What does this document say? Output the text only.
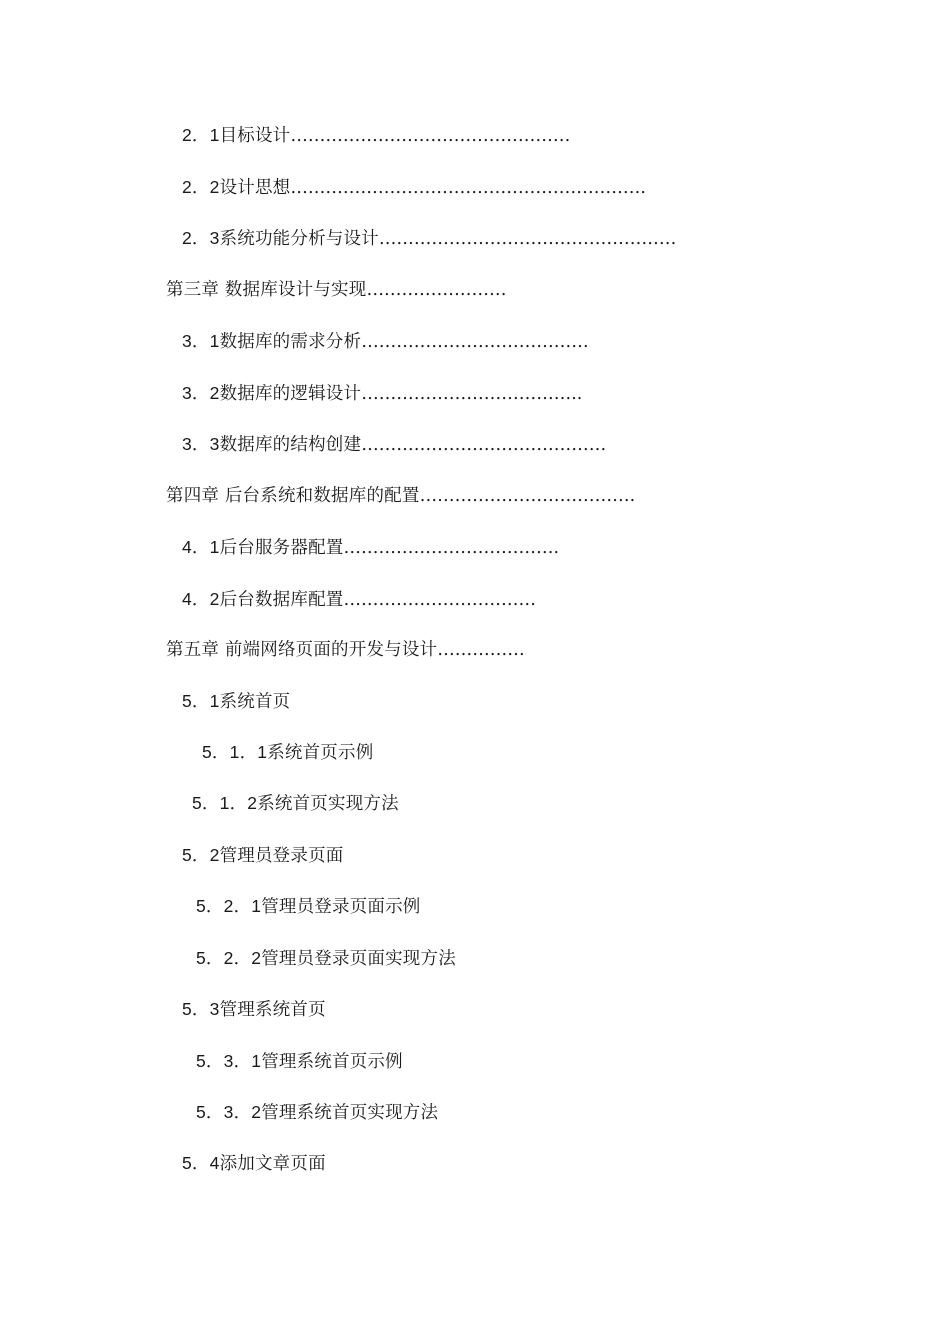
2．1目标设计…………………………………………
2．2设计思想…………………………………………………….
2．3系统功能分析与设计……………………………………………
第三章 数据库设计与实现……………………
3．1数据库的需求分析…………………………………
3．2数据库的逻辑设计………………………………..
3．3数据库的结构创建……………………………………
第四章 后台系统和数据库的配置……………………………….
4．1后台服务器配置……………………………….
4．2后台数据库配置……………………………
第五章 前端网络页面的开发与设计……………
5．1系统首页
5．1．1系统首页示例
5．1．2系统首页实现方法
5．2管理员登录页面
5．2．1管理员登录页面示例
5．2．2管理员登录页面实现方法
5．3管理系统首页
5．3．1管理系统首页示例
5．3．2管理系统首页实现方法
5．4添加文章页面
